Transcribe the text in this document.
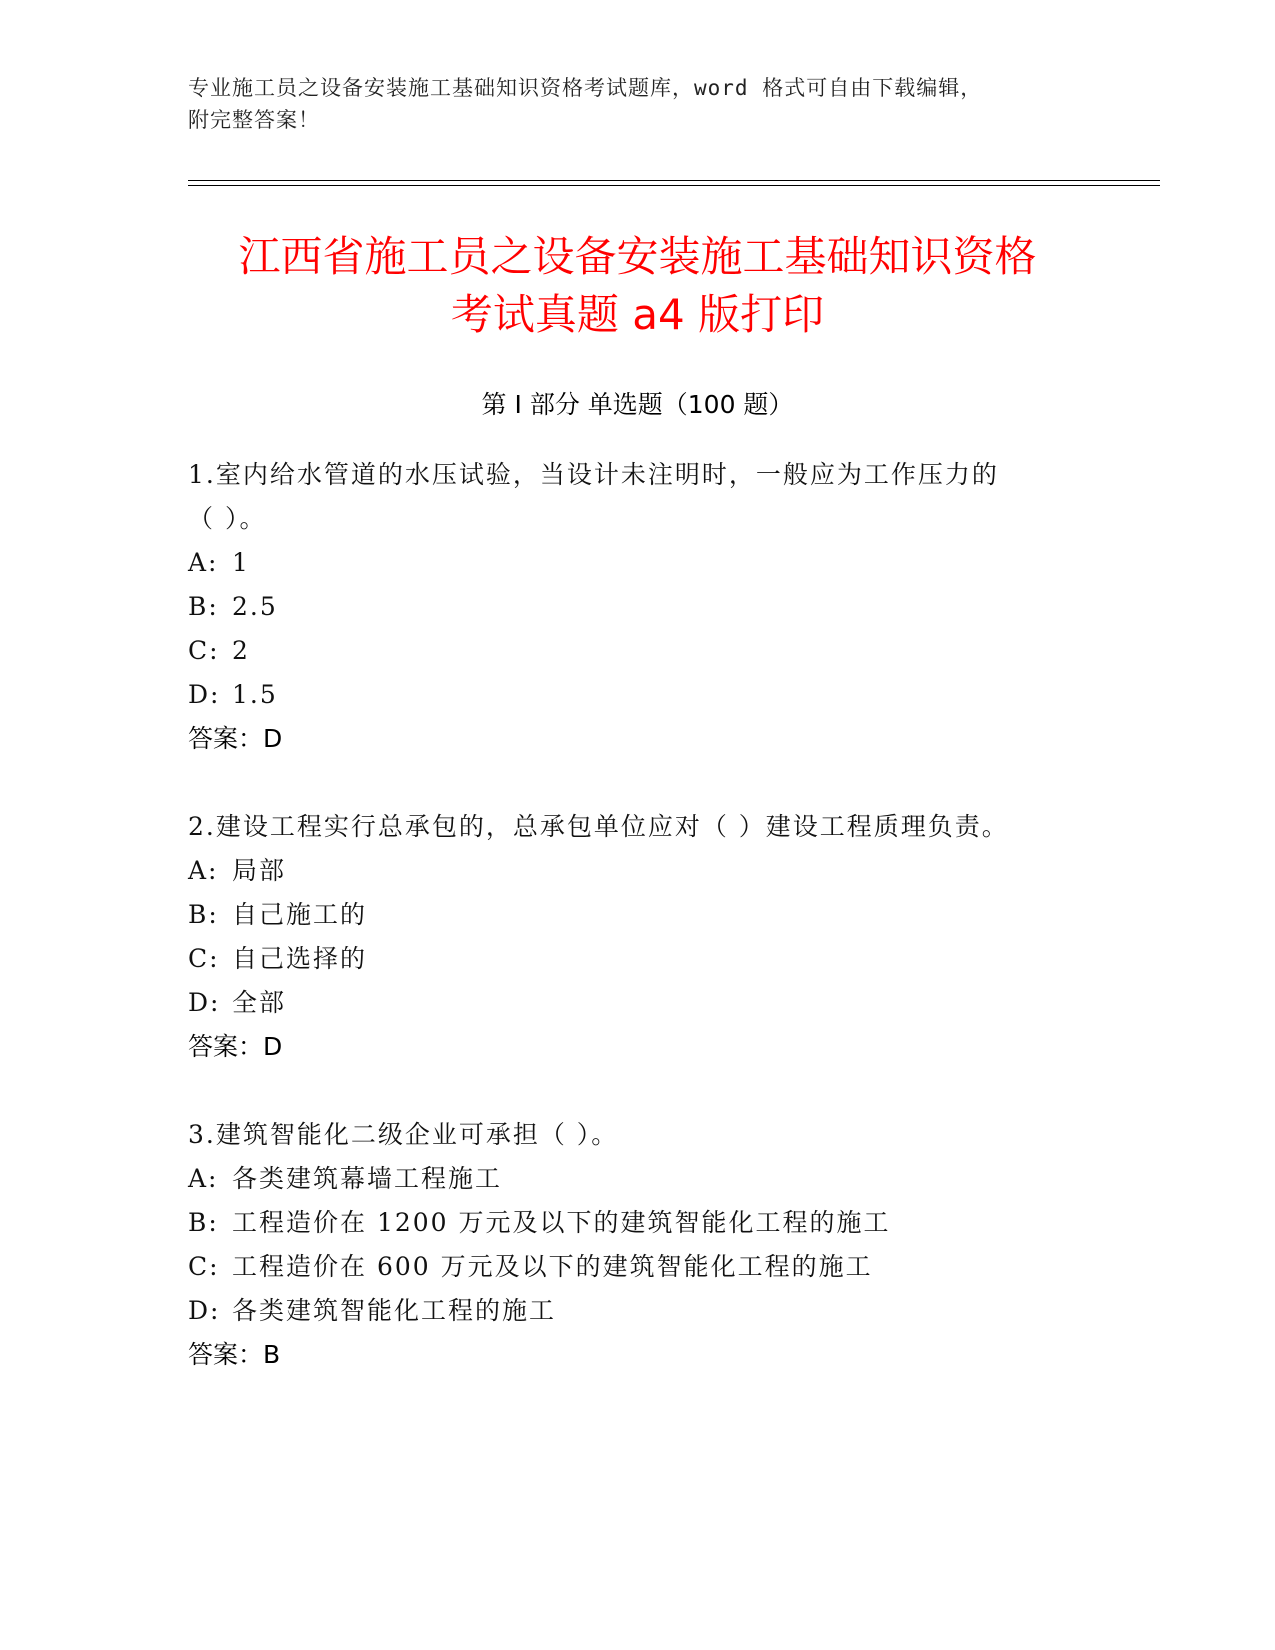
专业施工员之设备安装施工基础知识资格考试题库，word 格式可自由下载编辑，
附完整答案！
江西省施工员之设备安装施工基础知识资格
考试真题 a4 版打印
第 I 部分 单选题（100 题）
1.室内给水管道的水压试验，当设计未注明时，一般应为工作压力的
（ ）。
A: 1
B: 2.5
C: 2
D: 1.5
答案：D
2.建设工程实行总承包的，总承包单位应对（ ）建设工程质理负责。
A: 局部
B: 自己施工的
C: 自己选择的
D: 全部
答案：D
3.建筑智能化二级企业可承担（ ）。
A: 各类建筑幕墙工程施工
B: 工程造价在 1200 万元及以下的建筑智能化工程的施工
C: 工程造价在 600 万元及以下的建筑智能化工程的施工
D: 各类建筑智能化工程的施工
答案：B
